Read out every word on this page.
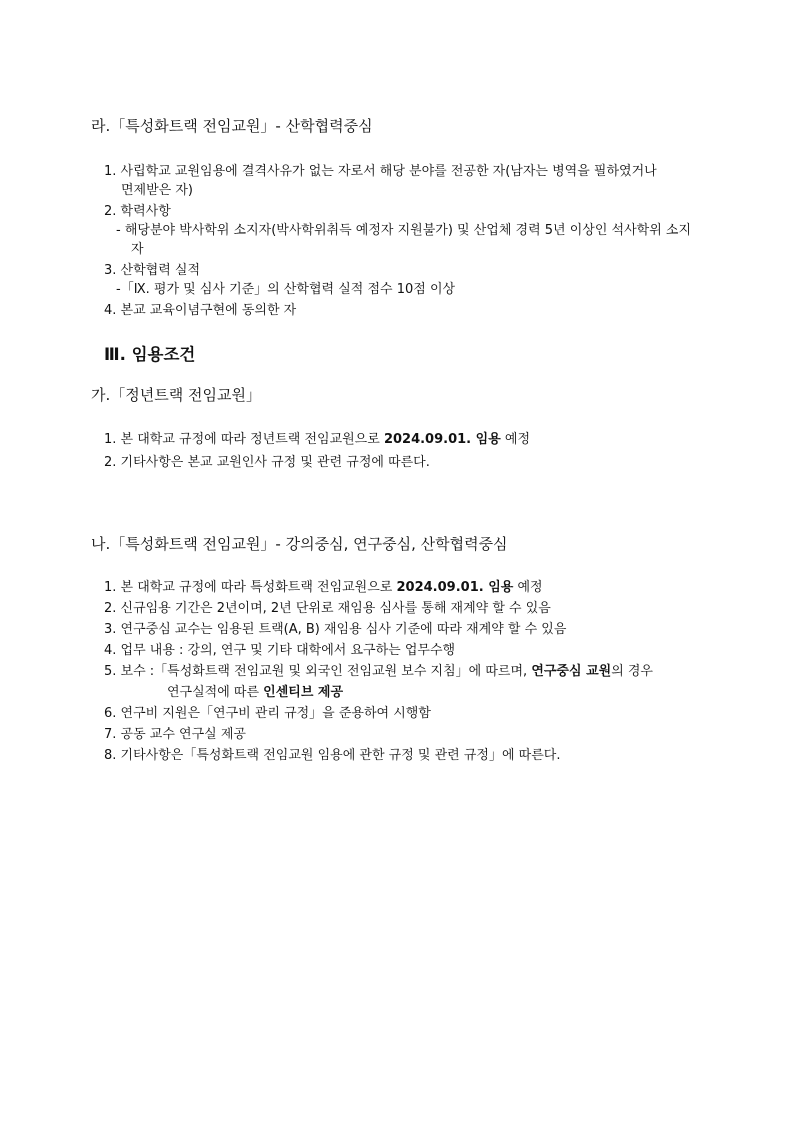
라.「특성화트랙 전임교원」- 산학협력중심
1. 사립학교 교원임용에 결격사유가 없는 자로서 해당 분야를 전공한 자(남자는 병역을 필하였거나
면제받은 자)
2. 학력사항
- 해당분야 박사학위 소지자(박사학위취득 예정자 지원불가) 및 산업체 경력 5년 이상인 석사학위 소지
자
3. 산학협력 실적
-「Ⅸ. 평가 및 심사 기준」의 산학협력 실적 점수 10점 이상
4. 본교 교육이념구현에 동의한 자
Ⅲ. 임용조건
가.「정년트랙 전임교원」
1. 본 대학교 규정에 따라 정년트랙 전임교원으로 2024.09.01. 임용 예정
2. 기타사항은 본교 교원인사 규정 및 관련 규정에 따른다.
나.「특성화트랙 전임교원」- 강의중심, 연구중심, 산학협력중심
1. 본 대학교 규정에 따라 특성화트랙 전임교원으로 2024.09.01. 임용 예정
2. 신규임용 기간은 2년이며, 2년 단위로 재임용 심사를 통해 재계약 할 수 있음
3. 연구중심 교수는 임용된 트랙(A, B) 재임용 심사 기준에 따라 재계약 할 수 있음
4. 업무 내용 : 강의, 연구 및 기타 대학에서 요구하는 업무수행
5. 보수 :「특성화트랙 전임교원 및 외국인 전임교원 보수 지침」에 따르며, 연구중심 교원의 경우
연구실적에 따른 인센티브 제공
6. 연구비 지원은「연구비 관리 규정」을 준용하여 시행함
7. 공동 교수 연구실 제공
8. 기타사항은「특성화트랙 전임교원 임용에 관한 규정 및 관련 규정」에 따른다.
